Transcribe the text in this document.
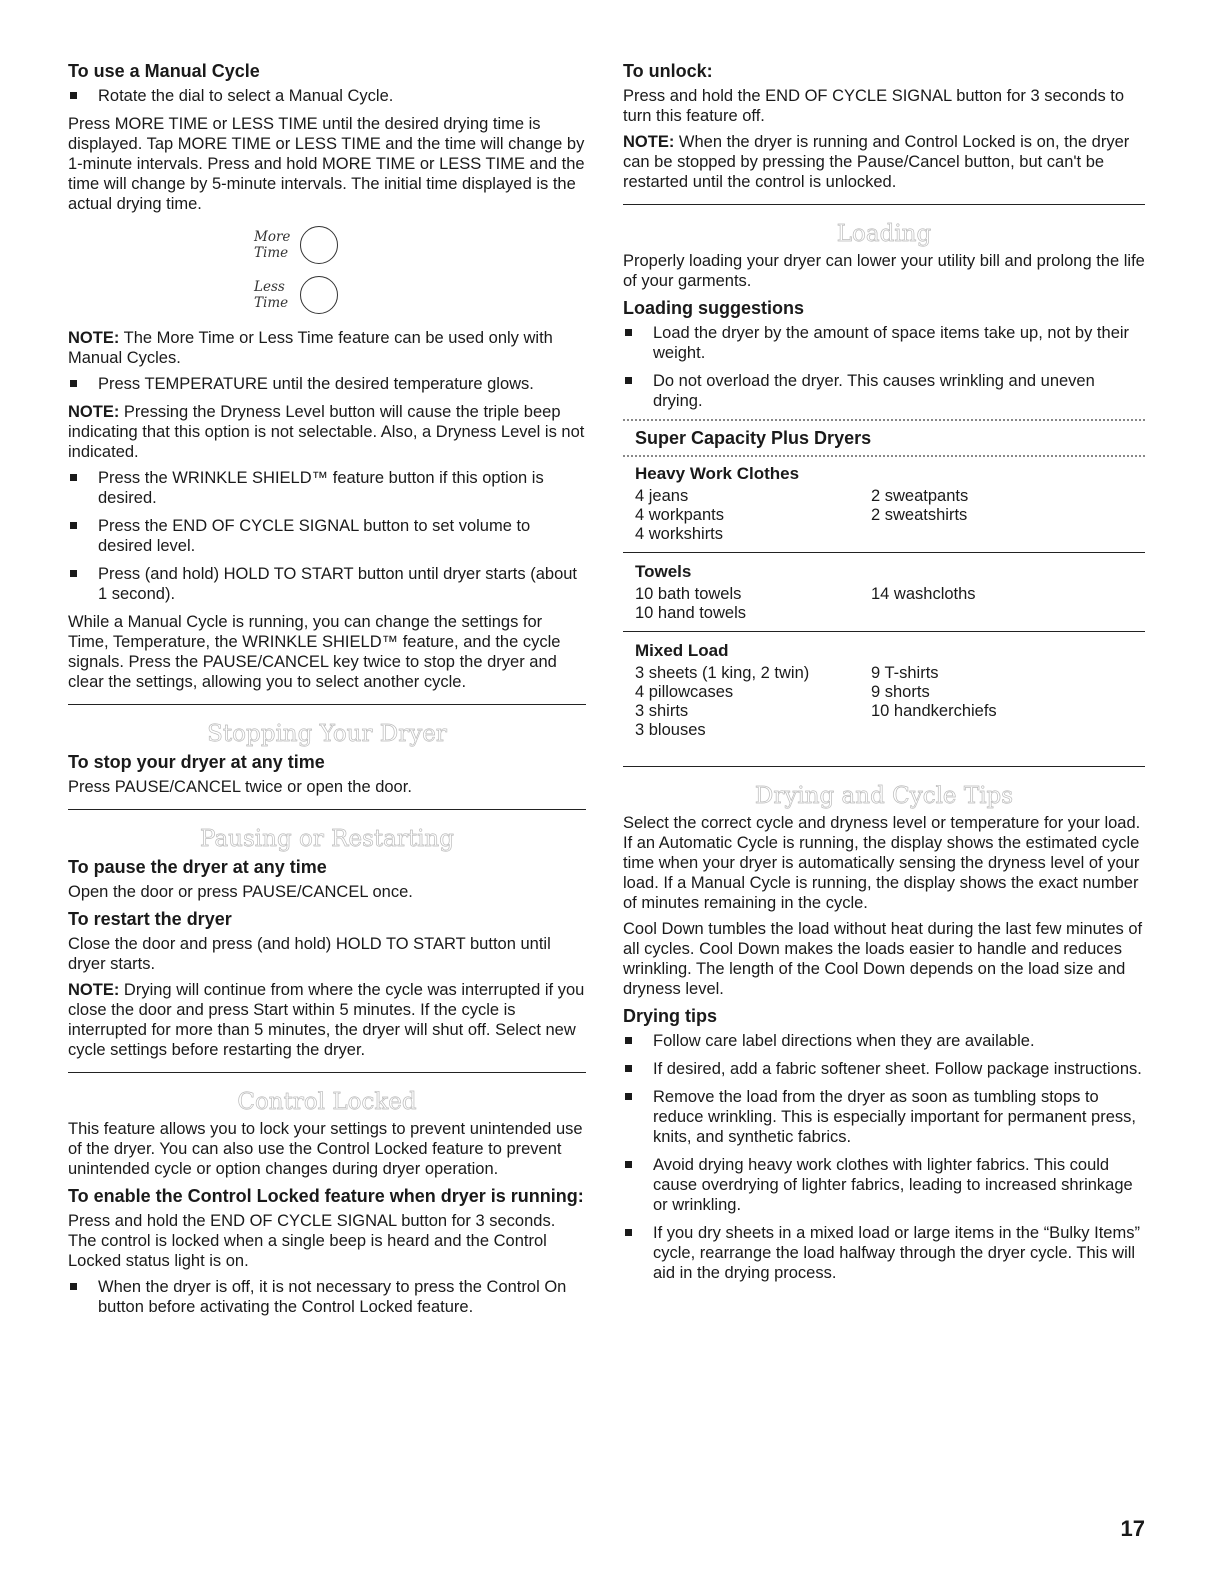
To use a Manual Cycle
Rotate the dial to select a Manual Cycle.

Press MORE TIME or LESS TIME until the desired drying time is displayed. Tap MORE TIME or LESS TIME and the time will change by 1-minute intervals. Press and hold MORE TIME or LESS TIME and the time will change by 5-minute intervals. The initial time displayed is the actual drying time.

More Time
Less Time

NOTE: The More Time or Less Time feature can be used only with Manual Cycles.

Press TEMPERATURE until the desired temperature glows.

NOTE: Pressing the Dryness Level button will cause the triple beep indicating that this option is not selectable. Also, a Dryness Level is not indicated.

Press the WRINKLE SHIELD™ feature button if this option is desired.
Press the END OF CYCLE SIGNAL button to set volume to desired level.
Press (and hold) HOLD TO START button until dryer starts (about 1 second).

While a Manual Cycle is running, you can change the settings for Time, Temperature, the WRINKLE SHIELD™ feature, and the cycle signals. Press the PAUSE/CANCEL key twice to stop the dryer and clear the settings, allowing you to select another cycle.

Stopping Your Dryer
To stop your dryer at any time

Press PAUSE/CANCEL twice or open the door.

Pausing or Restarting
To pause the dryer at any time

Open the door or press PAUSE/CANCEL once.

To restart the dryer

Close the door and press (and hold) HOLD TO START button until dryer starts.

NOTE: Drying will continue from where the cycle was interrupted if you close the door and press Start within 5 minutes. If the cycle is interrupted for more than 5 minutes, the dryer will shut off. Select new cycle settings before restarting the dryer.

Control Locked

This feature allows you to lock your settings to prevent unintended use of the dryer. You can also use the Control Locked feature to prevent unintended cycle or option changes during dryer operation.

To enable the Control Locked feature when dryer is running:

Press and hold the END OF CYCLE SIGNAL button for 3 seconds. The control is locked when a single beep is heard and the Control Locked status light is on.

When the dryer is off, it is not necessary to press the Control On button before activating the Control Locked feature.
To unlock:

Press and hold the END OF CYCLE SIGNAL button for 3 seconds to turn this feature off.

NOTE: When the dryer is running and Control Locked is on, the dryer can be stopped by pressing the Pause/Cancel button, but can't be restarted until the control is unlocked.

Loading

Properly loading your dryer can lower your utility bill and prolong the life of your garments.

Loading suggestions
Load the dryer by the amount of space items take up, not by their weight.
Do not overload the dryer. This causes wrinkling and uneven drying.
Super Capacity Plus Dryers
Heavy Work Clothes
4 jeans	2 sweatpants
4 workpants	2 sweatshirts
4 workshirts
Towels
10 bath towels	14 washcloths
10 hand towels
Mixed Load
3 sheets (1 king, 2 twin)	9 T-shirts
4 pillowcases	9 shorts
3 shirts	10 handkerchiefs
3 blouses
Drying and Cycle Tips

Select the correct cycle and dryness level or temperature for your load. If an Automatic Cycle is running, the display shows the estimated cycle time when your dryer is automatically sensing the dryness level of your load. If a Manual Cycle is running, the display shows the exact number of minutes remaining in the cycle.

Cool Down tumbles the load without heat during the last few minutes of all cycles. Cool Down makes the loads easier to handle and reduces wrinkling. The length of the Cool Down depends on the load size and dryness level.

Drying tips
Follow care label directions when they are available.
If desired, add a fabric softener sheet. Follow package instructions.
Remove the load from the dryer as soon as tumbling stops to reduce wrinkling. This is especially important for permanent press, knits, and synthetic fabrics.
Avoid drying heavy work clothes with lighter fabrics. This could cause overdrying of lighter fabrics, leading to increased shrinkage or wrinkling.
If you dry sheets in a mixed load or large items in the “Bulky Items” cycle, rearrange the load halfway through the dryer cycle. This will aid in the drying process.
17
